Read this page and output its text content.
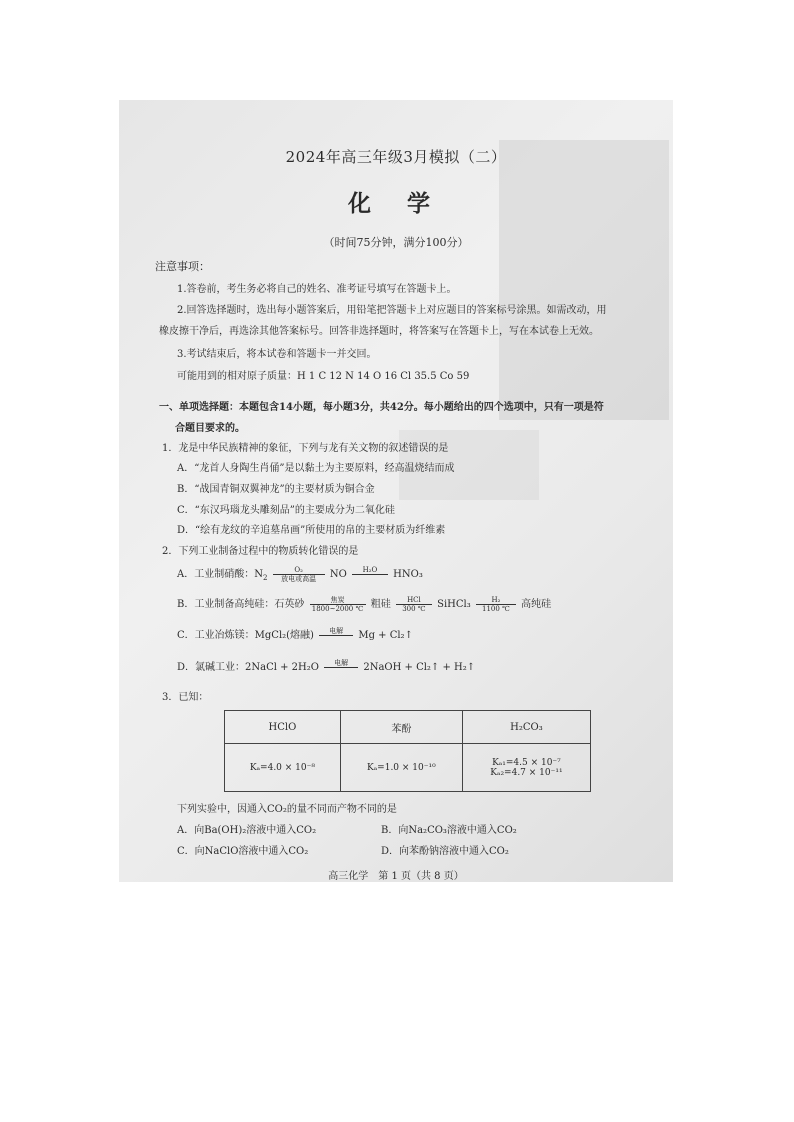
2024年高三年级3月模拟（二）
化 学
（时间75分钟，满分100分）
注意事项：
1.答卷前，考生务必将自己的姓名、准考证号填写在答题卡上。
2.回答选择题时，选出每小题答案后，用铅笔把答题卡上对应题目的答案标号涂黑。如需改动，用
橡皮擦干净后，再选涂其他答案标号。回答非选择题时，将答案写在答题卡上，写在本试卷上无效。
3.考试结束后，将本试卷和答题卡一并交回。
可能用到的相对原子质量：H 1 C 12 N 14 O 16 Cl 35.5 Co 59
一、单项选择题：本题包含14小题，每小题3分，共42分。每小题给出的四个选项中，只有一项是符
合题目要求的。
1．龙是中华民族精神的象征，下列与龙有关文物的叙述错误的是
A．“龙首人身陶生肖俑”是以黏土为主要原料，经高温烧结而成
B．“战国青铜双翼神龙”的主要材质为铜合金
C．“东汉玛瑙龙头雕刻品”的主要成分为二氧化硅
D．“绘有龙纹的辛追墓帛画”所使用的帛的主要材质为纤维素
2．下列工业制备过程中的物质转化错误的是
A．工业制硝酸：$N_2$
O₂
放电或高温	NO	H₂O
	HNO₃
B．工业制备高纯硅：石英砂	焦炭
1800~2000 ℃ 粗硅	HCl
300 ℃	SiHCl₃ $\frac{\text{H₂}}{1100 ℃}$ 高纯硅
C．工业冶炼镁：MgCl₂(熔融)	电解
	Mg + Cl₂↑
D．氯碱工业：2NaCl + 2H₂O	电解
	2NaOH + Cl₂↑ + H₂↑
3．已知：
HClO	苯酚	H₂CO₃
Kₐ=4.0 × 10⁻⁸	Kₐ=1.0 × 10⁻¹⁰	Kₐ₁=4.5 × 10⁻⁷
Kₐ₂=4.7 × 10⁻¹¹
下列实验中，因通入CO₂的量不同而产物不同的是
A．向Ba(OH)₂溶液中通入CO₂	B．向Na₂CO₃溶液中通入CO₂
C．向NaClO溶液中通入CO₂	D．向苯酚钠溶液中通入CO₂
高三化学　第 1 页（共 8 页）
